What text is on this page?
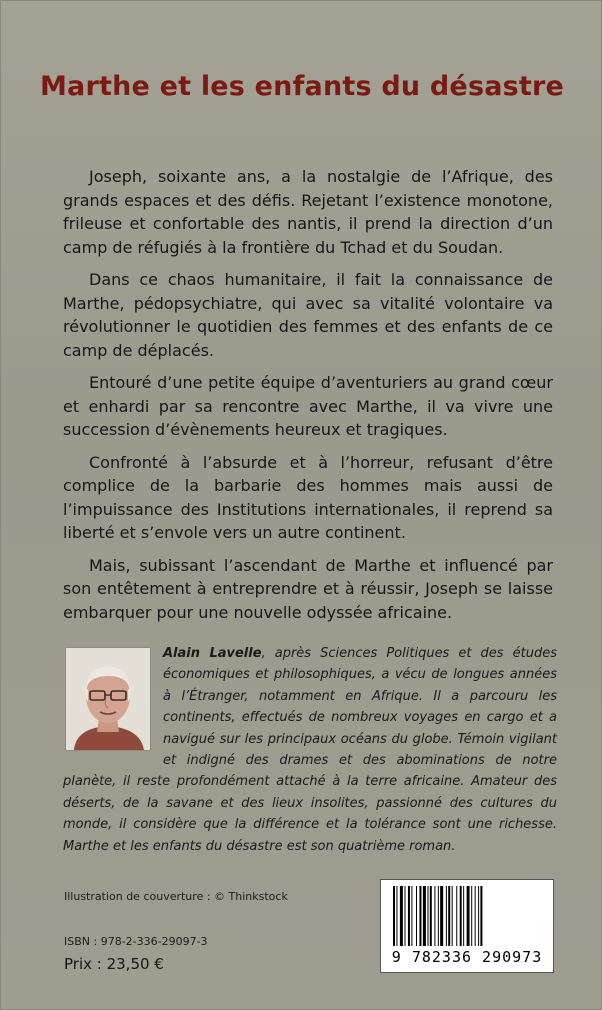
Marthe et les enfants du désastre

Joseph, soixante ans, a la nostalgie de l’Afrique, des grands espaces et des défis. Rejetant l’existence monotone, frileuse et confortable des nantis, il prend la direction d’un camp de réfugiés à la frontière du Tchad et du Soudan.

Dans ce chaos humanitaire, il fait la connaissance de Marthe, pédopsychiatre, qui avec sa vitalité volontaire va révolutionner le quotidien des femmes et des enfants de ce camp de déplacés.

Entouré d’une petite équipe d’aventuriers au grand cœur et enhardi par sa rencontre avec Marthe, il va vivre une succession d’évènements heureux et tragiques.

Confronté à l’absurde et à l’horreur, refusant d’être complice de la barbarie des hommes mais aussi de l’impuissance des Institutions internationales, il reprend sa liberté et s’envole vers un autre continent.

Mais, subissant l’ascendant de Marthe et influencé par son entêtement à entreprendre et à réussir, Joseph se laisse embarquer pour une nouvelle odyssée africaine.

Alain Lavelle, après Sciences Politiques et des études économiques et philosophiques, a vécu de longues années à l’Étranger, notamment en Afrique. Il a parcouru les continents, effectués de nombreux voyages en cargo et a navigué sur les principaux océans du globe. Témoin vigilant et indigné des drames et des abominations de notre planète, il reste profondément attaché à la terre africaine. Amateur des déserts, de la savane et des lieux insolites, passionné des cultures du monde, il considère que la différence et la tolérance sont une richesse. Marthe et les enfants du désastre est son quatrième roman.
Illustration de couverture : © Thinkstock
ISBN : 978-2-336-29097-3
Prix : 23,50 €	9 782336 290973
